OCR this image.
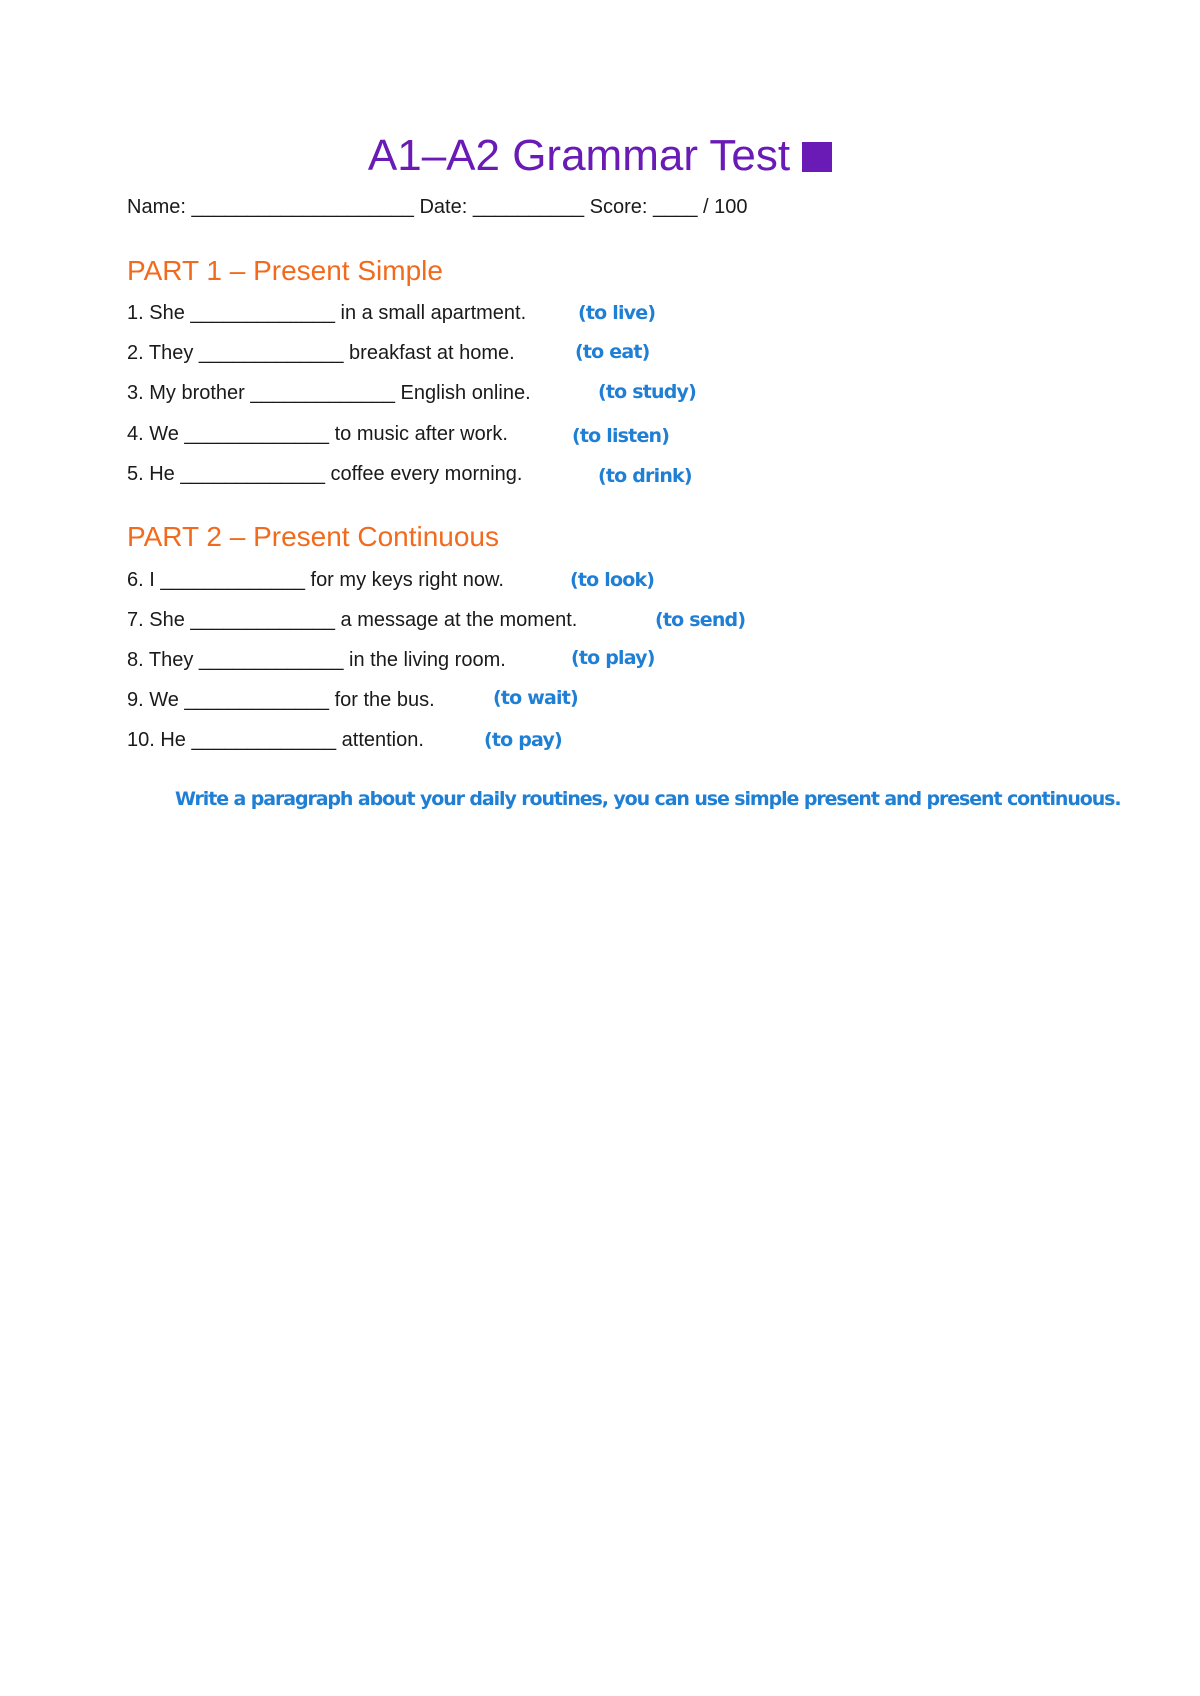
A1–A2 Grammar Test
Name: ____________________ Date: __________ Score: ____ / 100
PART 1 – Present Simple
1. She _____________ in a small apartment.	(to live)
2. They _____________ breakfast at home.	(to eat)
3. My brother _____________ English online.	(to study)
4. We _____________ to music after work.	(to listen)
5. He _____________ coffee every morning.	(to drink)
PART 2 – Present Continuous
6. I _____________ for my keys right now.	(to look)
7. She _____________ a message at the moment.	(to send)
8. They _____________ in the living room.	(to play)
9. We _____________ for the bus.	(to wait)
10. He _____________ attention.	(to pay)
Write a paragraph about your daily routines, you can use simple present and present continuous.
